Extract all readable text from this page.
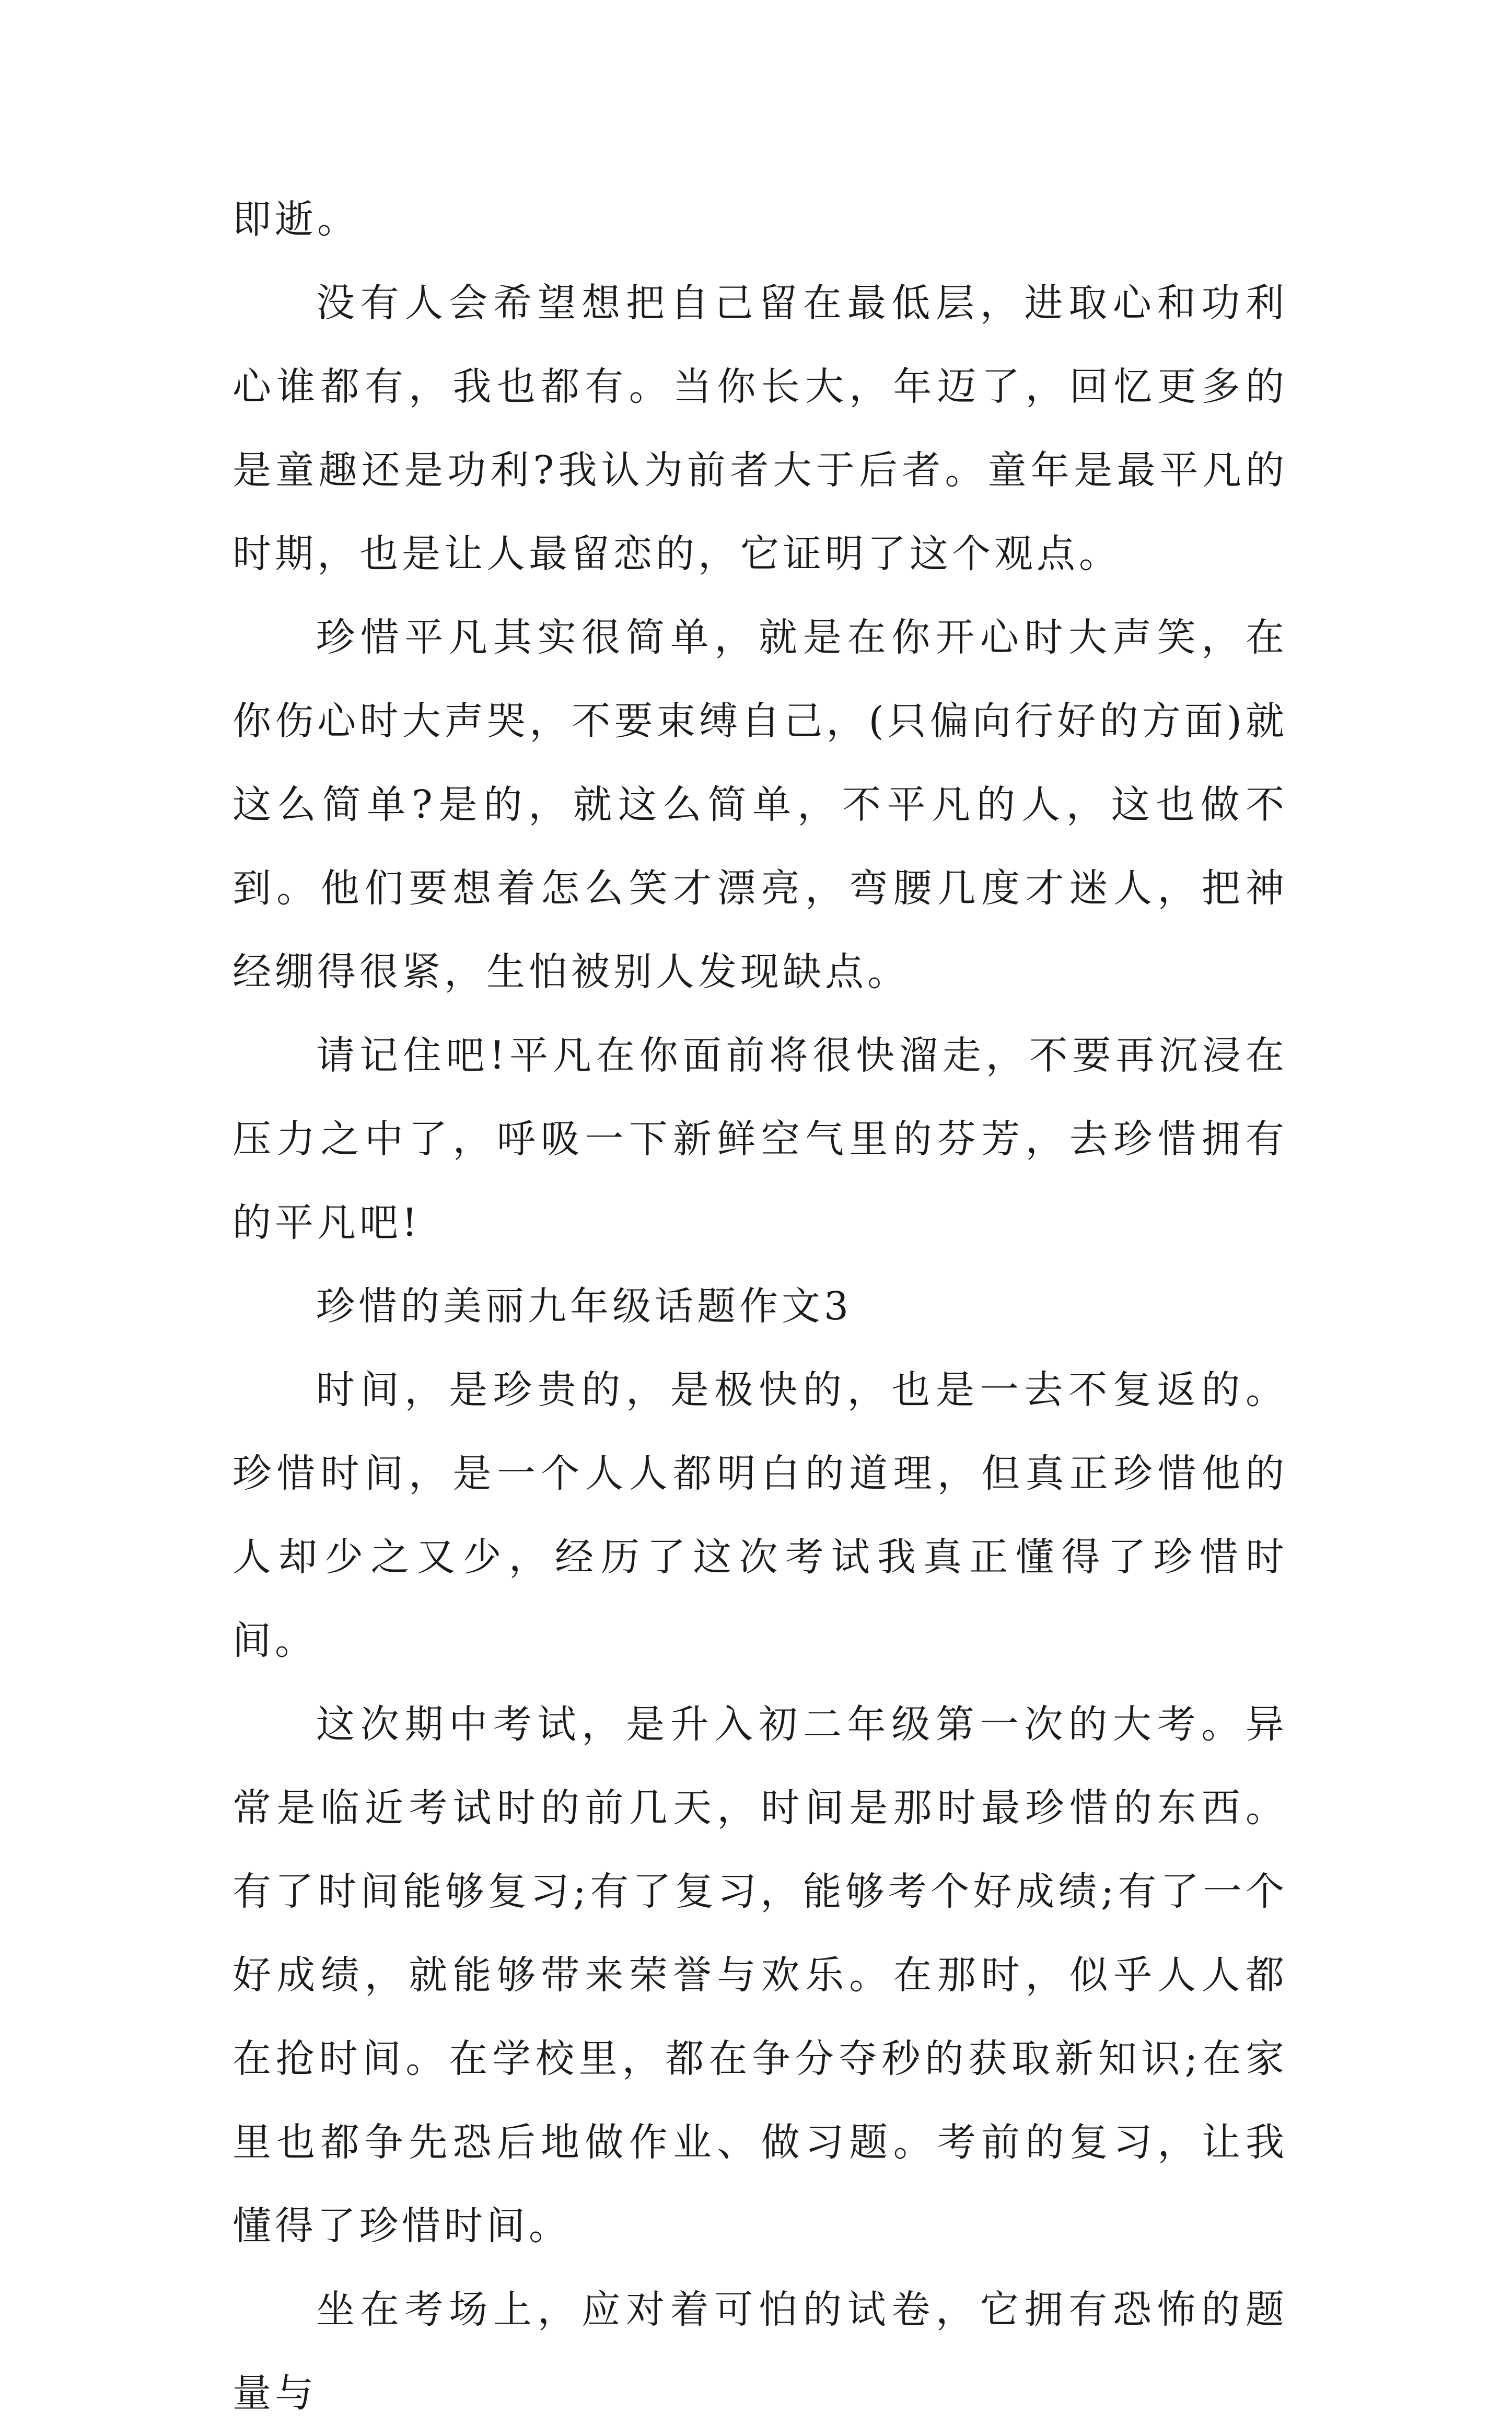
即逝。

没有人会希望想把自己留在最低层，进取心和功利心谁都有，我也都有。当你长大，年迈了，回忆更多的是童趣还是功利?我认为前者大于后者。童年是最平凡的时期，也是让人最留恋的，它证明了这个观点。

珍惜平凡其实很简单，就是在你开心时大声笑，在你伤心时大声哭，不要束缚自己，(只偏向行好的方面)就这么简单?是的，就这么简单，不平凡的人，这也做不到。他们要想着怎么笑才漂亮，弯腰几度才迷人，把神经绷得很紧，生怕被别人发现缺点。

请记住吧!平凡在你面前将很快溜走，不要再沉浸在压力之中了，呼吸一下新鲜空气里的芬芳，去珍惜拥有的平凡吧!

珍惜的美丽九年级话题作文3

时间，是珍贵的，是极快的，也是一去不复返的。珍惜时间，是一个人人都明白的道理，但真正珍惜他的人却少之又少，经历了这次考试我真正懂得了珍惜时间。

这次期中考试，是升入初二年级第一次的大考。异常是临近考试时的前几天，时间是那时最珍惜的东西。有了时间能够复习;有了复习，能够考个好成绩;有了一个好成绩，就能够带来荣誉与欢乐。在那时，似乎人人都在抢时间。在学校里，都在争分夺秒的获取新知识;在家里也都争先恐后地做作业、做习题。考前的复习，让我懂得了珍惜时间。

坐在考场上，应对着可怕的试卷，它拥有恐怖的题量与
